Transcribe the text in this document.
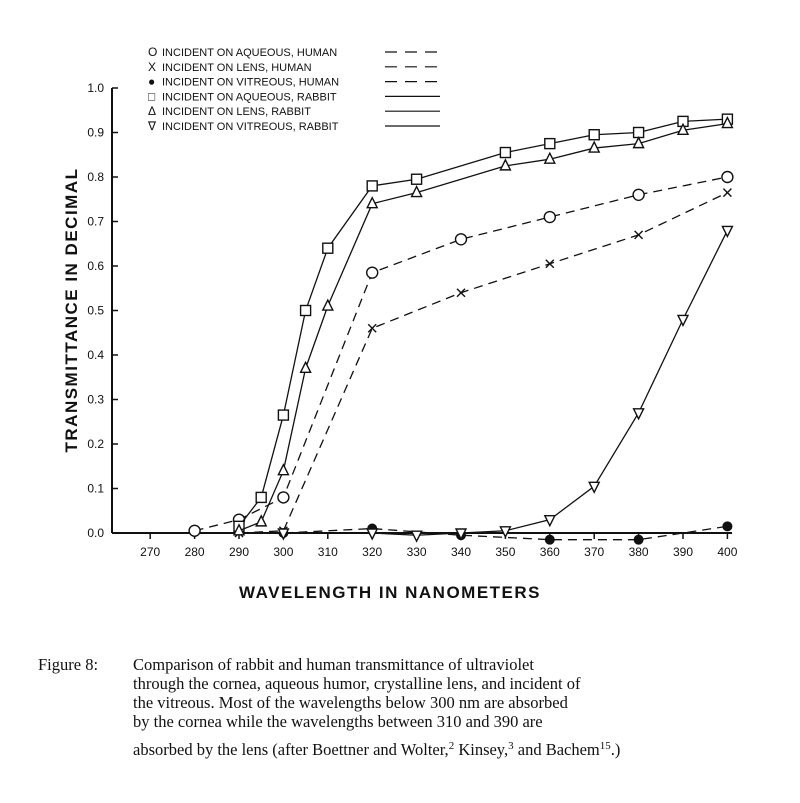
270 280 290 300 310 320 330 340 350 360 370 380 390 400
0.0
0.1
0.2
0.3
0.4
0.5
0.6
0.7
0.8
0.9
1.0
O INCIDENT ON AQUEOUS, HUMAN
X INCIDENT ON LENS, HUMAN
● INCIDENT ON VITREOUS, HUMAN
□ INCIDENT ON AQUEOUS, RABBIT
Δ INCIDENT ON LENS, RABBIT
∇ INCIDENT ON VITREOUS, RABBIT
WAVELENGTH IN NANOMETERS
TRANSMITTANCE IN DECIMAL
Figure 8: Comparison of rabbit and human transmittance of ultraviolet
through the cornea, aqueous humor, crystalline lens, and incident of
the vitreous. Most of the wavelengths below 300 nm are absorbed
by the cornea while the wavelengths between 310 and 390 are
absorbed by the lens (after Boettner and Wolter,$^2$ Kinsey,$^3$ and Bachem$^{15}$.)
